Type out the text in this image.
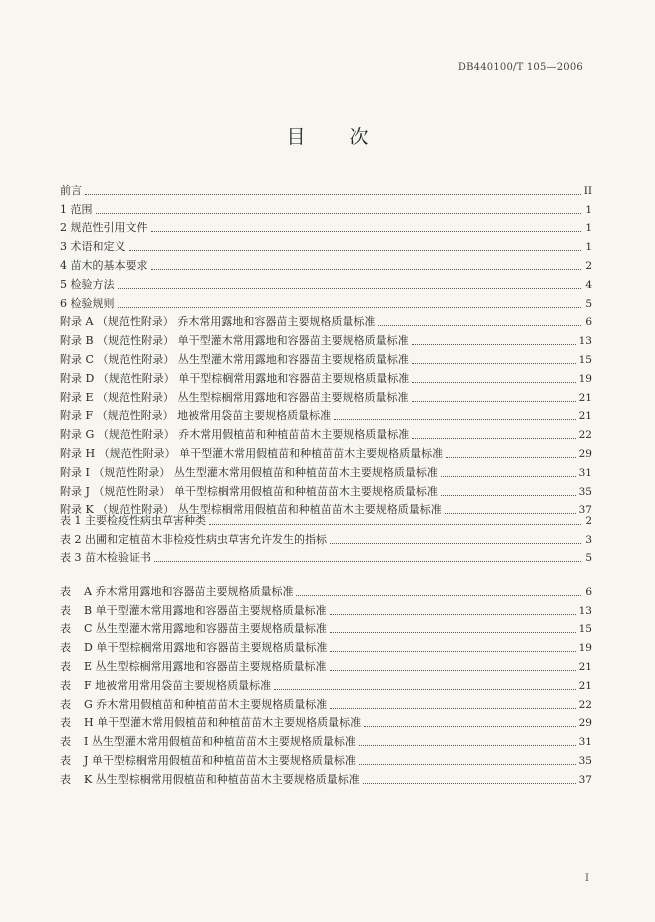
DB440100/T 105—2006
目 次
前言	II
1 范围	1
2 规范性引用文件	1
3 术语和定义	1
4 苗木的基本要求	2
5 检验方法	4
6 检验规则	5
附录 A （规范性附录） 乔木常用露地和容器苗主要规格质量标准	6
附录 B （规范性附录） 单干型灌木常用露地和容器苗主要规格质量标准	13
附录 C （规范性附录） 丛生型灌木常用露地和容器苗主要规格质量标准	15
附录 D （规范性附录） 单干型棕榈常用露地和容器苗主要规格质量标准	19
附录 E （规范性附录） 丛生型棕榈常用露地和容器苗主要规格质量标准	21
附录 F （规范性附录） 地被常用袋苗主要规格质量标准	21
附录 G （规范性附录） 乔木常用假植苗和种植苗苗木主要规格质量标准	22
附录 H （规范性附录） 单干型灌木常用假植苗和种植苗苗木主要规格质量标准	29
附录 I （规范性附录） 丛生型灌木常用假植苗和种植苗苗木主要规格质量标准	31
附录 J （规范性附录） 单干型棕榈常用假植苗和种植苗苗木主要规格质量标准	35
附录 K （规范性附录） 丛生型棕榈常用假植苗和种植苗苗木主要规格质量标准	37
表 1 主要检疫性病虫草害种类	2
表 2 出圃和定植苗木非检疫性病虫草害允许发生的指标	3
表 3 苗木检验证书	5
表 A 乔木常用露地和容器苗主要规格质量标准	6
表 B 单干型灌木常用露地和容器苗主要规格质量标准	13
表 C 丛生型灌木常用露地和容器苗主要规格质量标准	15
表 D 单干型棕榈常用露地和容器苗主要规格质量标准	19
表 E 丛生型棕榈常用露地和容器苗主要规格质量标准	21
表 F 地被常用常用袋苗主要规格质量标准	21
表 G 乔木常用假植苗和种植苗苗木主要规格质量标准	22
表 H 单干型灌木常用假植苗和种植苗苗木主要规格质量标准	29
表 I 丛生型灌木常用假植苗和种植苗苗木主要规格质量标准	31
表 J 单干型棕榈常用假植苗和种植苗苗木主要规格质量标准	35
表 K 丛生型棕榈常用假植苗和种植苗苗木主要规格质量标准	37
I
